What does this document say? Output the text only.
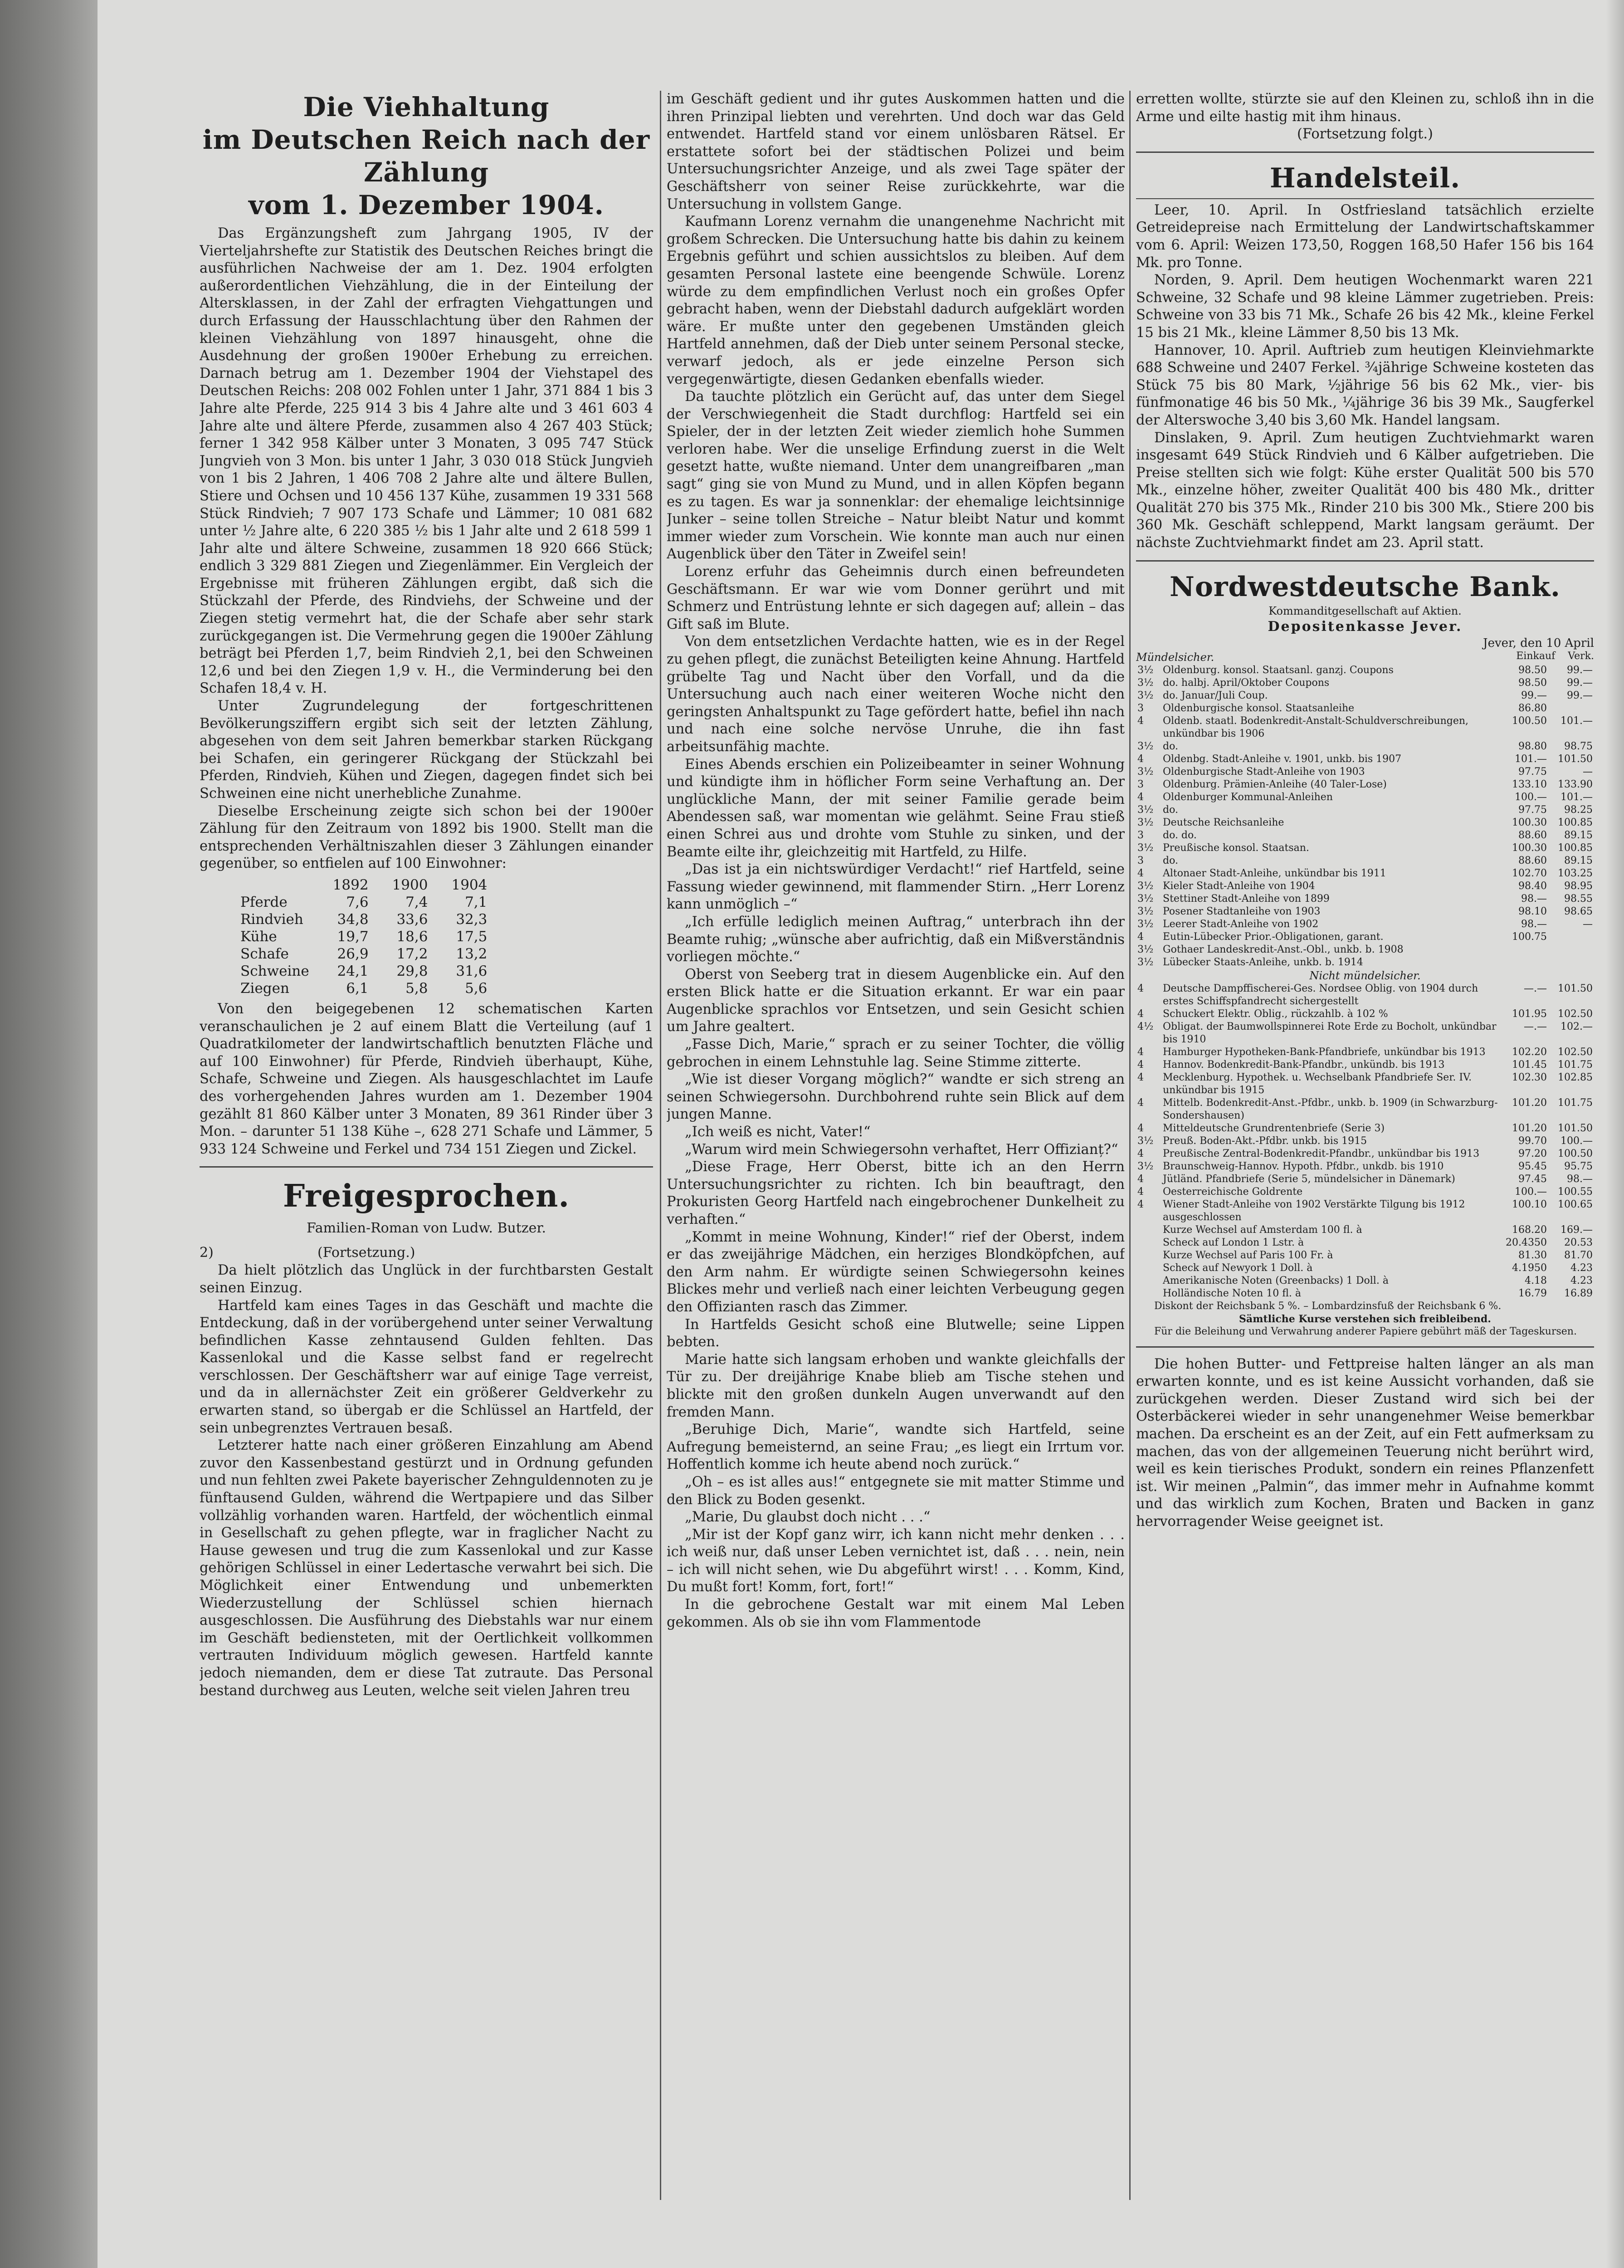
Die Viehhaltung
im Deutschen Reich nach der Zählung
vom 1. Dezember 1904.

Das Ergänzungsheft zum Jahrgang 1905, IV der Vierteljahrshefte zur Statistik des Deutschen Reiches bringt die ausführlichen Nachweise der am 1. Dez. 1904 erfolgten außerordentlichen Viehzählung, die in der Einteilung der Altersklassen, in der Zahl der erfragten Viehgattungen und durch Erfassung der Hausschlachtung über den Rahmen der kleinen Viehzählung von 1897 hinausgeht, ohne die Ausdehnung der großen 1900er Erhebung zu erreichen. Darnach betrug am 1. Dezember 1904 der Viehstapel des Deutschen Reichs: 208 002 Fohlen unter 1 Jahr, 371 884 1 bis 3 Jahre alte Pferde, 225 914 3 bis 4 Jahre alte und 3 461 603 4 Jahre alte und ältere Pferde, zusammen also 4 267 403 Stück; ferner 1 342 958 Kälber unter 3 Monaten, 3 095 747 Stück Jungvieh von 3 Mon. bis unter 1 Jahr, 3 030 018 Stück Jungvieh von 1 bis 2 Jahren, 1 406 708 2 Jahre alte und ältere Bullen, Stiere und Ochsen und 10 456 137 Kühe, zusammen 19 331 568 Stück Rindvieh; 7 907 173 Schafe und Lämmer; 10 081 682 unter ½ Jahre alte, 6 220 385 ½ bis 1 Jahr alte und 2 618 599 1 Jahr alte und ältere Schweine, zusammen 18 920 666 Stück; endlich 3 329 881 Ziegen und Ziegenlämmer. Ein Vergleich der Ergebnisse mit früheren Zählungen ergibt, daß sich die Stückzahl der Pferde, des Rindviehs, der Schweine und der Ziegen stetig vermehrt hat, die der Schafe aber sehr stark zurückgegangen ist. Die Vermehrung gegen die 1900er Zählung beträgt bei Pferden 1,7, beim Rindvieh 2,1, bei den Schweinen 12,6 und bei den Ziegen 1,9 v. H., die Verminderung bei den Schafen 18,4 v. H.

Unter Zugrundelegung der fortgeschrittenen Bevölkerungsziffern ergibt sich seit der letzten Zählung, abgesehen von dem seit Jahren bemerkbar starken Rückgang bei Schafen, ein geringerer Rückgang der Stückzahl bei Pferden, Rindvieh, Kühen und Ziegen, dagegen findet sich bei Schweinen eine nicht unerhebliche Zunahme.

Dieselbe Erscheinung zeigte sich schon bei der 1900er Zählung für den Zeitraum von 1892 bis 1900. Stellt man die entsprechenden Verhältniszahlen dieser 3 Zählungen einander gegenüber, so entfielen auf 100 Einwohner:

	1892	1900	1904
Pferde	7,6	7,4	7,1
Rindvieh	34,8	33,6	32,3
Kühe	19,7	18,6	17,5
Schafe	26,9	17,2	13,2
Schweine	24,1	29,8	31,6
Ziegen	6,1	5,8	5,6

Von den beigegebenen 12 schematischen Karten veranschaulichen je 2 auf einem Blatt die Verteilung (auf 1 Quadratkilometer der landwirtschaftlich benutzten Fläche und auf 100 Einwohner) für Pferde, Rindvieh überhaupt, Kühe, Schafe, Schweine und Ziegen. Als hausgeschlachtet im Laufe des vorhergehenden Jahres wurden am 1. Dezember 1904 gezählt 81 860 Kälber unter 3 Monaten, 89 361 Rinder über 3 Mon. – darunter 51 138 Kühe –, 628 271 Schafe und Lämmer, 5 933 124 Schweine und Ferkel und 734 151 Ziegen und Zickel.

Freigesprochen.

Familien-Roman von Ludw. Butzer.

2)	(Fortsetzung.)

Da hielt plötzlich das Unglück in der furchtbarsten Gestalt seinen Einzug.

Hartfeld kam eines Tages in das Geschäft und machte die Entdeckung, daß in der vorübergehend unter seiner Verwaltung befindlichen Kasse zehntausend Gulden fehlten. Das Kassenlokal und die Kasse selbst fand er regelrecht verschlossen. Der Geschäftsherr war auf einige Tage verreist, und da in allernächster Zeit ein größerer Geldverkehr zu erwarten stand, so übergab er die Schlüssel an Hartfeld, der sein unbegrenztes Vertrauen besaß.

Letzterer hatte nach einer größeren Einzahlung am Abend zuvor den Kassenbestand gestürzt und in Ordnung gefunden und nun fehlten zwei Pakete bayerischer Zehnguldennoten zu je fünftausend Gulden, während die Wertpapiere und das Silber vollzählig vorhanden waren. Hartfeld, der wöchentlich einmal in Gesellschaft zu gehen pflegte, war in fraglicher Nacht zu Hause gewesen und trug die zum Kassenlokal und zur Kasse gehörigen Schlüssel in einer Ledertasche verwahrt bei sich. Die Möglichkeit einer Entwendung und unbemerkten Wiederzustellung der Schlüssel schien hiernach ausgeschlossen. Die Ausführung des Diebstahls war nur einem im Geschäft bediensteten, mit der Oertlichkeit vollkommen vertrauten Individuum möglich gewesen. Hartfeld kannte jedoch niemanden, dem er diese Tat zutraute. Das Personal bestand durchweg aus Leuten, welche seit vielen Jahren treu

im Geschäft gedient und ihr gutes Auskommen hatten und die ihren Prinzipal liebten und verehrten. Und doch war das Geld entwendet. Hartfeld stand vor einem unlösbaren Rätsel. Er erstattete sofort bei der städtischen Polizei und beim Untersuchungsrichter Anzeige, und als zwei Tage später der Geschäftsherr von seiner Reise zurückkehrte, war die Untersuchung in vollstem Gange.

Kaufmann Lorenz vernahm die unangenehme Nachricht mit großem Schrecken. Die Untersuchung hatte bis dahin zu keinem Ergebnis geführt und schien aussichtslos zu bleiben. Auf dem gesamten Personal lastete eine beengende Schwüle. Lorenz würde zu dem empfindlichen Verlust noch ein großes Opfer gebracht haben, wenn der Diebstahl dadurch aufgeklärt worden wäre. Er mußte unter den gegebenen Umständen gleich Hartfeld annehmen, daß der Dieb unter seinem Personal stecke, verwarf jedoch, als er jede einzelne Person sich vergegenwärtigte, diesen Gedanken ebenfalls wieder.

Da tauchte plötzlich ein Gerücht auf, das unter dem Siegel der Verschwiegenheit die Stadt durchflog: Hartfeld sei ein Spieler, der in der letzten Zeit wieder ziemlich hohe Summen verloren habe. Wer die unselige Erfindung zuerst in die Welt gesetzt hatte, wußte niemand. Unter dem unangreifbaren „man sagt“ ging sie von Mund zu Mund, und in allen Köpfen begann es zu tagen. Es war ja sonnenklar: der ehemalige leichtsinnige Junker – seine tollen Streiche – Natur bleibt Natur und kommt immer wieder zum Vorschein. Wie konnte man auch nur einen Augenblick über den Täter in Zweifel sein!

Lorenz erfuhr das Geheimnis durch einen befreundeten Geschäftsmann. Er war wie vom Donner gerührt und mit Schmerz und Entrüstung lehnte er sich dagegen auf; allein – das Gift saß im Blute.

Von dem entsetzlichen Verdachte hatten, wie es in der Regel zu gehen pflegt, die zunächst Beteiligten keine Ahnung. Hartfeld grübelte Tag und Nacht über den Vorfall, und da die Untersuchung auch nach einer weiteren Woche nicht den geringsten Anhaltspunkt zu Tage gefördert hatte, befiel ihn nach und nach eine solche nervöse Unruhe, die ihn fast arbeitsunfähig machte.

Eines Abends erschien ein Polizeibeamter in seiner Wohnung und kündigte ihm in höflicher Form seine Verhaftung an. Der unglückliche Mann, der mit seiner Familie gerade beim Abendessen saß, war momentan wie gelähmt. Seine Frau stieß einen Schrei aus und drohte vom Stuhle zu sinken, und der Beamte eilte ihr, gleichzeitig mit Hartfeld, zu Hilfe.

„Das ist ja ein nichtswürdiger Verdacht!“ rief Hartfeld, seine Fassung wieder gewinnend, mit flammender Stirn. „Herr Lorenz kann unmöglich –“

„Ich erfülle lediglich meinen Auftrag,“ unterbrach ihn der Beamte ruhig; „wünsche aber aufrichtig, daß ein Mißverständnis vorliegen möchte.“

Oberst von Seeberg trat in diesem Augenblicke ein. Auf den ersten Blick hatte er die Situation erkannt. Er war ein paar Augenblicke sprachlos vor Entsetzen, und sein Gesicht schien um Jahre gealtert.

„Fasse Dich, Marie,“ sprach er zu seiner Tochter, die völlig gebrochen in einem Lehnstuhle lag. Seine Stimme zitterte.

„Wie ist dieser Vorgang möglich?“ wandte er sich streng an seinen Schwiegersohn. Durchbohrend ruhte sein Blick auf dem jungen Manne.

„Ich weiß es nicht, Vater!“

„Warum wird mein Schwiegersohn verhaftet, Herr Offizianț?“

„Diese Frage, Herr Oberst, bitte ich an den Herrn Untersuchungsrichter zu richten. Ich bin beauftragt, den Prokuristen Georg Hartfeld nach eingebrochener Dunkelheit zu verhaften.“

„Kommt in meine Wohnung, Kinder!“ rief der Oberst, indem er das zweijährige Mädchen, ein herziges Blondköpfchen, auf den Arm nahm. Er würdigte seinen Schwiegersohn keines Blickes mehr und verließ nach einer leichten Verbeugung gegen den Offizianten rasch das Zimmer.

In Hartfelds Gesicht schoß eine Blutwelle; seine Lippen bebten.

Marie hatte sich langsam erhoben und wankte gleichfalls der Tür zu. Der dreijährige Knabe blieb am Tische stehen und blickte mit den großen dunkeln Augen unverwandt auf den fremden Mann.

„Beruhige Dich, Marie“, wandte sich Hartfeld, seine Aufregung bemeisternd, an seine Frau; „es liegt ein Irrtum vor. Hoffentlich komme ich heute abend noch zurück.“

„Oh – es ist alles aus!“ entgegnete sie mit matter Stimme und den Blick zu Boden gesenkt.

„Marie, Du glaubst doch nicht . . .“

„Mir ist der Kopf ganz wirr, ich kann nicht mehr denken . . . ich weiß nur, daß unser Leben vernichtet ist, daß . . . nein, nein – ich will nicht sehen, wie Du abgeführt wirst! . . . Komm, Kind, Du mußt fort! Komm, fort, fort!“

In die gebrochene Gestalt war mit einem Mal Leben gekommen. Als ob sie ihn vom Flammentode

erretten wollte, stürzte sie auf den Kleinen zu, schloß ihn in die Arme und eilte hastig mit ihm hinaus.

(Fortsetzung folgt.)

Handelsteil.

Leer, 10. April. In Ostfriesland tatsächlich erzielte Getreidepreise nach Ermittelung der Landwirtschaftskammer vom 6. April: Weizen 173,50, Roggen 168,50 Hafer 156 bis 164 Mk. pro Tonne.

Norden, 9. April. Dem heutigen Wochenmarkt waren 221 Schweine, 32 Schafe und 98 kleine Lämmer zugetrieben. Preis: Schweine von 33 bis 71 Mk., Schafe 26 bis 42 Mk., kleine Ferkel 15 bis 21 Mk., kleine Lämmer 8,50 bis 13 Mk.

Hannover, 10. April. Auftrieb zum heutigen Kleinviehmarkte 688 Schweine und 2407 Ferkel. ¾jährige Schweine kosteten das Stück 75 bis 80 Mark, ½jährige 56 bis 62 Mk., vier- bis fünfmonatige 46 bis 50 Mk., ¼jährige 36 bis 39 Mk., Saugferkel der Alterswoche 3,40 bis 3,60 Mk. Handel langsam.

Dinslaken, 9. April. Zum heutigen Zuchtviehmarkt waren insgesamt 649 Stück Rindvieh und 6 Kälber aufgetrieben. Die Preise stellten sich wie folgt: Kühe erster Qualität 500 bis 570 Mk., einzelne höher, zweiter Qualität 400 bis 480 Mk., dritter Qualität 270 bis 375 Mk., Rinder 210 bis 300 Mk., Stiere 200 bis 360 Mk. Geschäft schleppend, Markt langsam geräumt. Der nächste Zuchtviehmarkt findet am 23. April statt.

Nordwestdeutsche Bank.

Kommanditgesellschaft auf Aktien.

Depositenkasse Jever.

Jever, den 10 April
Mündelsicher.	Einkauf Verk.
3½	Oldenburg. konsol. Staatsanl. ganzj. Coupons	98.50	99.—
3½	do. halbj. April/Oktober Coupons	98.50	99.—
3½	do. Januar/Juli Coup.	99.—	99.—
3	Oldenburgische konsol. Staatsanleihe	86.80	
4	Oldenb. staatl. Bodenkredit-Anstalt-Schuldverschreibungen, unkündbar bis 1906	100.50	101.—
3½	do.	98.80	98.75
4	Oldenbg. Stadt-Anleihe v. 1901, unkb. bis 1907	101.—	101.50
3½	Oldenburgische Stadt-Anleihe von 1903	97.75	—
3	Oldenburg. Prämien-Anleihe (40 Taler-Lose)	133.10	133.90
4	Oldenburger Kommunal-Anleihen	100.—	101.—
3½	do.	97.75	98.25
3½	Deutsche Reichsanleihe	100.30	100.85
3	do. do.	88.60	89.15
3½	Preußische konsol. Staatsan.	100.30	100.85
3	do.	88.60	89.15
4	Altonaer Stadt-Anleihe, unkündbar bis 1911	102.70	103.25
3½	Kieler Stadt-Anleihe von 1904	98.40	98.95
3½	Stettiner Stadt-Anleihe von 1899	98.—	98.55
3½	Posener Stadtanleihe von 1903	98.10	98.65
3½	Leerer Stadt-Anleihe von 1902	98.—	—
4	Eutin-Lübecker Prior.-Obligationen, garant.	100.75	
3½	Gothaer Landeskredit-Anst.-Obl., unkb. b. 1908		
3½	Lübecker Staats-Anleihe, unkb. b. 1914		
Nicht mündelsicher.
4	Deutsche Dampffischerei-Ges. Nordsee Oblig. von 1904 durch erstes Schiffspfandrecht sichergestellt	—.—	101.50
4	Schuckert Elektr. Oblig., rückzahlb. à 102 %	101.95	102.50
4½	Obligat. der Baumwollspinnerei Rote Erde zu Bocholt, unkündbar bis 1910	—.—	102.—
4	Hamburger Hypotheken-Bank-Pfandbriefe, unkündbar bis 1913	102.20	102.50
4	Hannov. Bodenkredit-Bank-Pfandbr., unkündb. bis 1913	101.45	101.75
4	Mecklenburg. Hypothek. u. Wechselbank Pfandbriefe Ser. IV. unkündbar bis 1915	102.30	102.85
4	Mittelb. Bodenkredit-Anst.-Pfdbr., unkb. b. 1909 (in Schwarzburg-Sondershausen)	101.20	101.75
4	Mitteldeutsche Grundrentenbriefe (Serie 3)	101.20	101.50
3½	Preuß. Boden-Akt.-Pfdbr. unkb. bis 1915	99.70	100.—
4	Preußische Zentral-Bodenkredit-Pfandbr., unkündbar bis 1913	97.20	100.50
3½	Braunschweig-Hannov. Hypoth. Pfdbr., unkdb. bis 1910	95.45	95.75
4	Jütländ. Pfandbriefe (Serie 5, mündelsicher in Dänemark)	97.45	98.—
4	Oesterreichische Goldrente	100.—	100.55
4	Wiener Stadt-Anleihe von 1902 Verstärkte Tilgung bis 1912 ausgeschlossen	100.10	100.65
	Kurze Wechsel auf Amsterdam 100 fl. à	168.20	169.—
	Scheck auf London 1 Lstr. à	20.4350	20.53
	Kurze Wechsel auf Paris 100 Fr. à	81.30	81.70
	Scheck auf Newyork 1 Doll. à	4.1950	4.23
	Amerikanische Noten (Greenbacks) 1 Doll. à	4.18	4.23
	Holländische Noten 10 fl. à	16.79	16.89

Diskont der Reichsbank 5 %. – Lombardzinsfuß der Reichsbank 6 %.

Sämtliche Kurse verstehen sich freibleibend.

Für die Beleihung und Verwahrung anderer Papiere gebührt mäß der Tageskursen.

Die hohen Butter- und Fettpreise halten länger an als man erwarten konnte, und es ist keine Aussicht vorhanden, daß sie zurückgehen werden. Dieser Zustand wird sich bei der Osterbäckerei wieder in sehr unangenehmer Weise bemerkbar machen. Da erscheint es an der Zeit, auf ein Fett aufmerksam zu machen, das von der allgemeinen Teuerung nicht berührt wird, weil es kein tierisches Produkt, sondern ein reines Pflanzenfett ist. Wir meinen „Palmin“, das immer mehr in Aufnahme kommt und das wirklich zum Kochen, Braten und Backen in ganz hervorragender Weise geeignet ist.
